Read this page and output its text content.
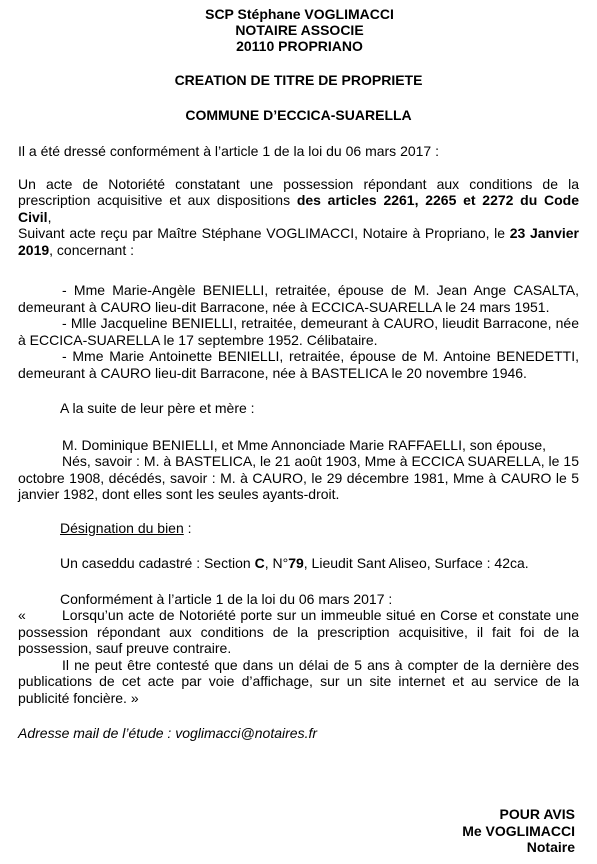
SCP Stéphane VOGLIMACCI
NOTAIRE ASSOCIE
20110 PROPRIANO
CREATION DE TITRE DE PROPRIETE
COMMUNE D’ECCICA-SUARELLA

Il a été dressé conformément à l’article 1 de la loi du 06 mars 2017 :

Un acte de Notoriété constatant une possession répondant aux conditions de la prescription acquisitive et aux dispositions des articles 2261, 2265 et 2272 du Code Civil,
Suivant acte reçu par Maître Stéphane VOGLIMACCI, Notaire à Propriano, le 23 Janvier 2019, concernant :

- Mme Marie-Angèle BENIELLI, retraitée, épouse de M. Jean Ange CASALTA, demeurant à CAURO lieu-dit Barracone, née à ECCICA-SUARELLA le 24 mars 1951.

- Mlle Jacqueline BENIELLI, retraitée, demeurant à CAURO, lieudit Barracone, née à ECCICA-SUARELLA le 17 septembre 1952. Célibataire.

- Mme Marie Antoinette BENIELLI, retraitée, épouse de M. Antoine BENEDETTI, demeurant à CAURO lieu-dit Barracone, née à BASTELICA le 20 novembre 1946.

A la suite de leur père et mère :

M. Dominique BENIELLI, et Mme Annonciade Marie RAFFAELLI, son épouse,

Nés, savoir : M. à BASTELICA, le 21 août 1903, Mme à ECCICA SUARELLA, le 15 octobre 1908, décédés, savoir : M. à CAURO, le 29 décembre 1981, Mme à CAURO le 5 janvier 1982, dont elles sont les seules ayants-droit.

Désignation du bien :

Un caseddu cadastré : Section C, N°79, Lieudit Sant Aliseo, Surface : 42ca.

Conformément à l’article 1 de la loi du 06 mars 2017 :

«	Lorsqu’un acte de Notoriété porte sur un immeuble situé en Corse et constate une possession répondant aux conditions de la prescription acquisitive, il fait foi de la possession, sauf preuve contraire.

Il ne peut être contesté que dans un délai de 5 ans à compter de la dernière des publications de cet acte par voie d’affichage, sur un site internet et au service de la publicité foncière. »

Adresse mail de l’étude : voglimacci@notaires.fr

POUR AVIS
Me VOGLIMACCI
Notaire
